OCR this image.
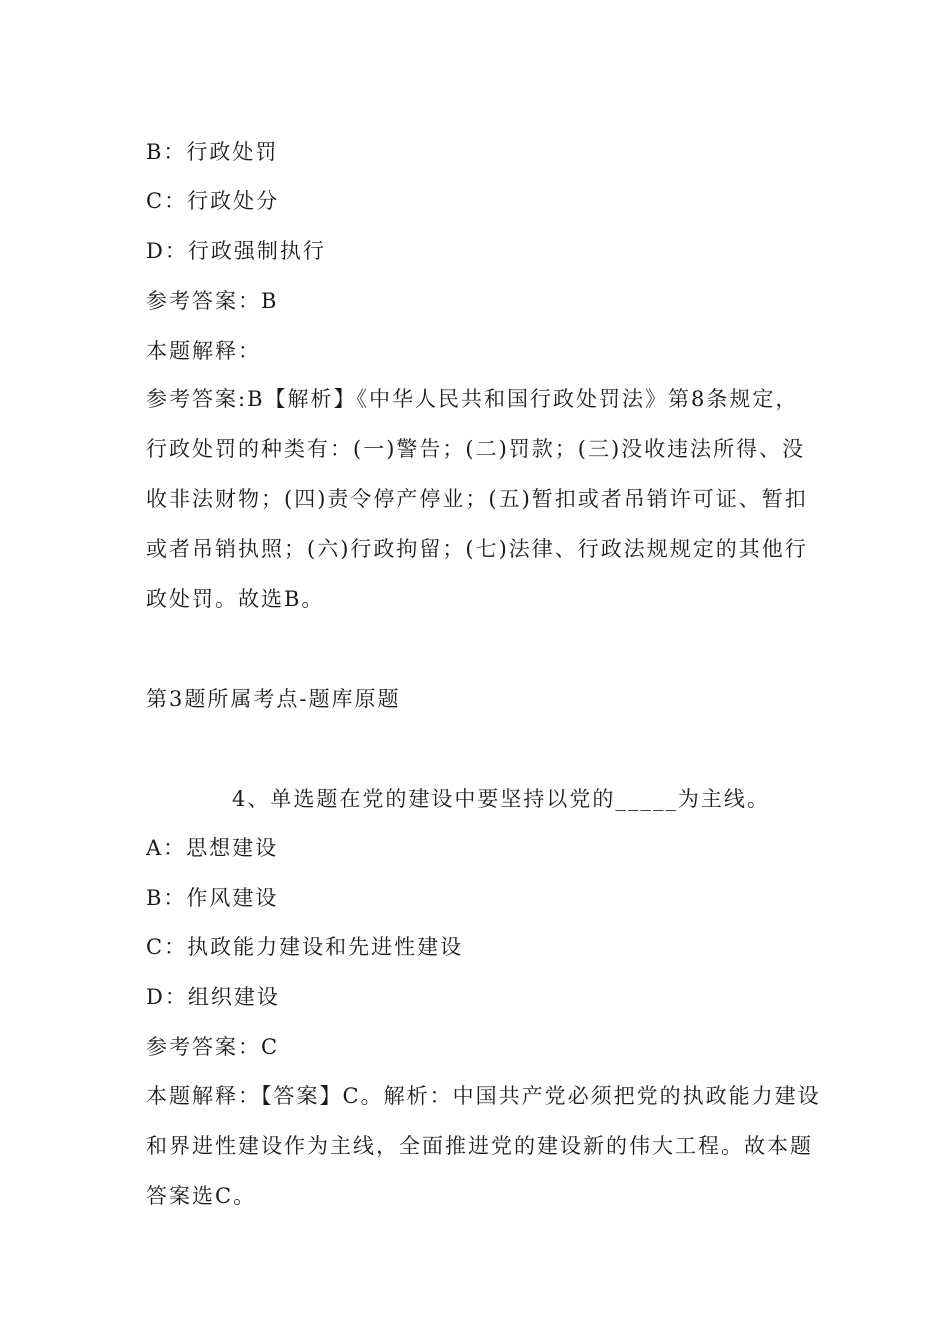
B：行政处罚
C：行政处分
D：行政强制执行
参考答案：B
本题解释：
参考答案:B【解析】《中华人民共和国行政处罚法》第8条规定，
行政处罚的种类有：(一)警告；(二)罚款；(三)没收违法所得、没
收非法财物；(四)责令停产停业；(五)暂扣或者吊销许可证、暂扣
或者吊销执照；(六)行政拘留；(七)法律、行政法规规定的其他行
政处罚。故选B。
第3题所属考点-题库原题
4、单选题在党的建设中要坚持以党的_____为主线。
A：思想建设
B：作风建设
C：执政能力建设和先进性建设
D：组织建设
参考答案：C
本题解释：【答案】C。解析：中国共产党必须把党的执政能力建设
和界进性建设作为主线，全面推进党的建设新的伟大工程。故本题
答案选C。
